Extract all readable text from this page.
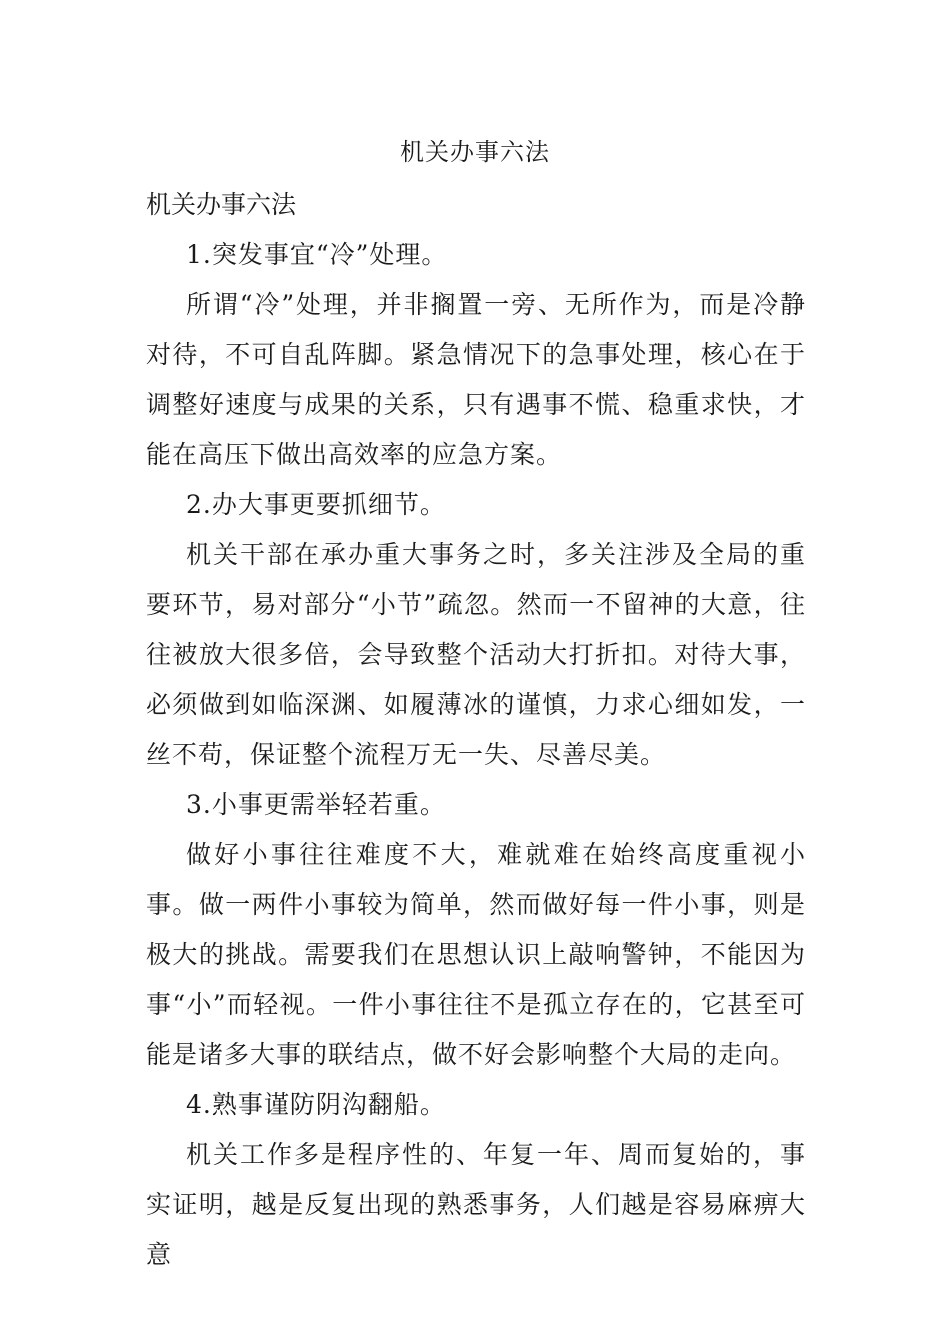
机关办事六法

机关办事六法

1.突发事宜“冷”处理。

所谓“冷”处理，并非搁置一旁、无所作为，而是冷静对待，不可自乱阵脚。紧急情况下的急事处理，核心在于调整好速度与成果的关系，只有遇事不慌、稳重求快，才能在高压下做出高效率的应急方案。

2.办大事更要抓细节。

机关干部在承办重大事务之时，多关注涉及全局的重要环节，易对部分“小节”疏忽。然而一不留神的大意，往往被放大很多倍，会导致整个活动大打折扣。对待大事，必须做到如临深渊、如履薄冰的谨慎，力求心细如发，一丝不苟，保证整个流程万无一失、尽善尽美。

3.小事更需举轻若重。

做好小事往往难度不大，难就难在始终高度重视小事。做一两件小事较为简单，然而做好每一件小事，则是极大的挑战。需要我们在思想认识上敲响警钟，不能因为事“小”而轻视。一件小事往往不是孤立存在的，它甚至可能是诸多大事的联结点，做不好会影响整个大局的走向。

4.熟事谨防阴沟翻船。

机关工作多是程序性的、年复一年、周而复始的，事实证明，越是反复出现的熟悉事务，人们越是容易麻痹大意
